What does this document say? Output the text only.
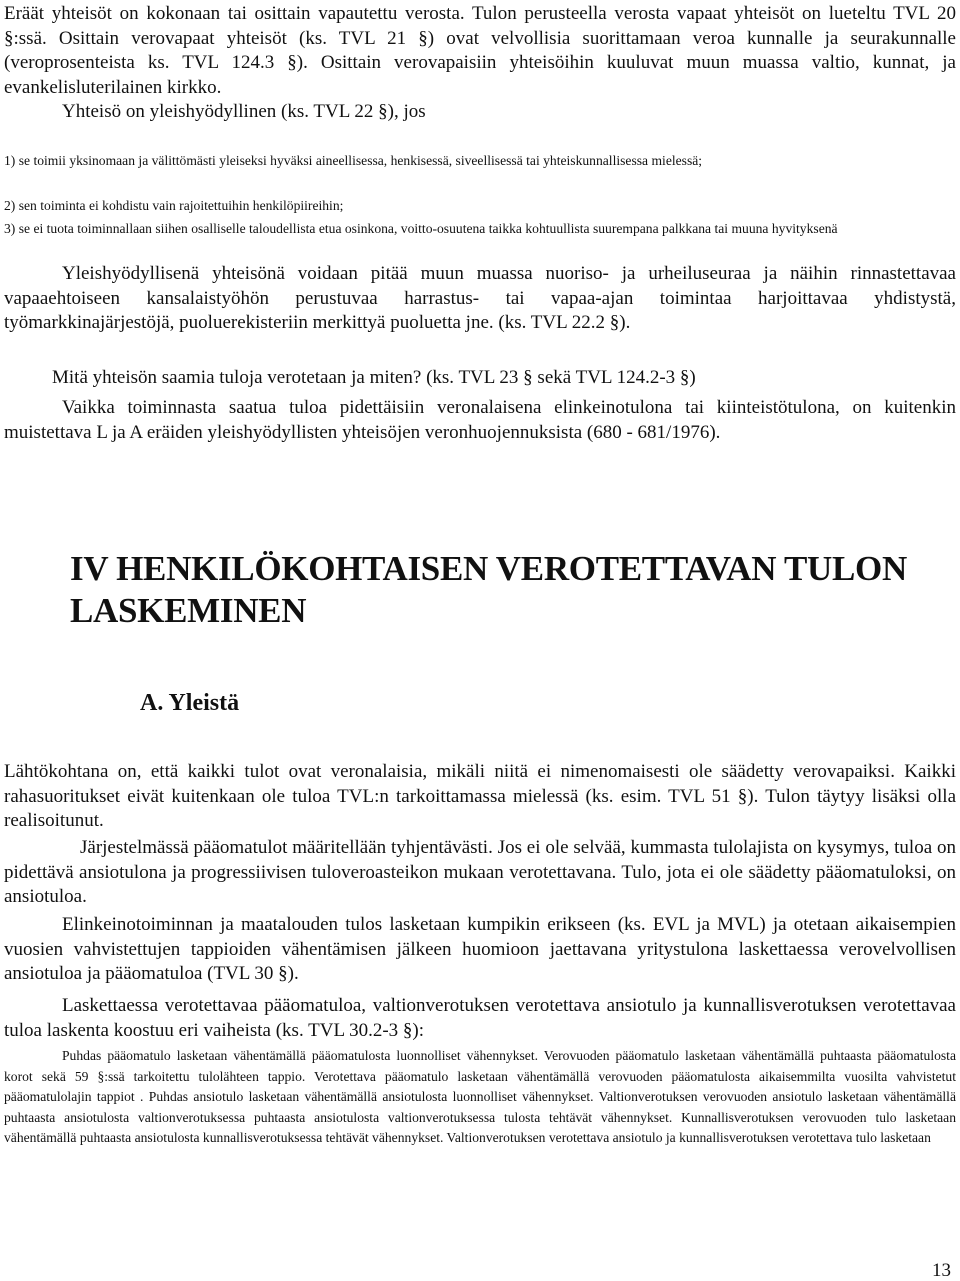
Eräät yhteisöt on kokonaan tai osittain vapautettu verosta. Tulon perusteella verosta vapaat yhteisöt on lueteltu TVL 20 §:ssä. Osittain verovapaat yhteisöt (ks. TVL 21 §) ovat velvollisia suorittamaan veroa kunnalle ja seurakunnalle (veroprosenteista ks. TVL 124.3 §). Osittain verovapaisiin yhteisöihin kuuluvat muun muassa valtio, kunnat, ja evankelisluterilainen kirkko.

Yhteisö on yleishyödyllinen (ks. TVL 22 §), jos

1) se toimii yksinomaan ja välittömästi yleiseksi hyväksi aineellisessa, henkisessä, siveellisessä tai yhteiskunnallisessa mielessä;

2) sen toiminta ei kohdistu vain rajoitettuihin henkilöpiireihin;

3) se ei tuota toiminnallaan siihen osalliselle taloudellista etua osinkona, voitto-osuutena taikka kohtuullista suurempana palkkana tai muuna hyvityksenä

Yleishyödyllisenä yhteisönä voidaan pitää muun muassa nuoriso- ja urheiluseuraa ja näihin rinnastettavaa vapaaehtoiseen kansalaistyöhön perustuvaa harrastus- tai vapaa-ajan toimintaa harjoittavaa yhdistystä, työmarkkinajärjestöjä, puoluerekisteriin merkittyä puoluetta jne. (ks. TVL 22.2 §).

Mitä yhteisön saamia tuloja verotetaan ja miten? (ks. TVL 23 § sekä TVL 124.2-3 §)

Vaikka toiminnasta saatua tuloa pidettäisiin veronalaisena elinkeinotulona tai kiinteistötulona, on kuitenkin muistettava L ja A eräiden yleishyödyllisten yhteisöjen veronhuojennuksista (680 - 681/1976).

IV HENKILÖKOHTAISEN VEROTETTAVAN TULON LASKEMINEN
A. Yleistä

Lähtökohtana on, että kaikki tulot ovat veronalaisia, mikäli niitä ei nimenomaisesti ole säädetty verovapaiksi. Kaikki rahasuoritukset eivät kuitenkaan ole tuloa TVL:n tarkoittamassa mielessä (ks. esim. TVL 51 §). Tulon täytyy lisäksi olla realisoitunut.

Järjestelmässä pääomatulot määritellään tyhjentävästi. Jos ei ole selvää, kummasta tulolajista on kysymys, tuloa on pidettävä ansiotulona ja progressiivisen tuloveroasteikon mukaan verotettavana. Tulo, jota ei ole säädetty pääomatuloksi, on ansiotuloa.

Elinkeinotoiminnan ja maatalouden tulos lasketaan kumpikin erikseen (ks. EVL ja MVL) ja otetaan aikaisempien vuosien vahvistettujen tappioiden vähentämisen jälkeen huomioon jaettavana yritystulona laskettaessa verovelvollisen ansiotuloa ja pääomatuloa (TVL 30 §).

Laskettaessa verotettavaa pääomatuloa, valtionverotuksen verotettava ansiotulo ja kunnallisverotuksen verotettavaa tuloa laskenta koostuu eri vaiheista (ks. TVL 30.2-3 §):

Puhdas pääomatulo lasketaan vähentämällä pääomatulosta luonnolliset vähennykset. Verovuoden pääomatulo lasketaan vähentämällä puhtaasta pääomatulosta korot sekä 59 §:ssä tarkoitettu tulolähteen tappio. Verotettava pääomatulo lasketaan vähentämällä verovuoden pääomatulosta aikaisemmilta vuosilta vahvistetut pääomatulolajin tappiot . Puhdas ansiotulo lasketaan vähentämällä ansiotulosta luonnolliset vähennykset. Valtionverotuksen verovuoden ansiotulo lasketaan vähentämällä puhtaasta ansiotulosta valtionverotuksessa puhtaasta ansiotulosta valtionverotuksessa tulosta tehtävät vähennykset. Kunnallisverotuksen verovuoden tulo lasketaan vähentämällä puhtaasta ansiotulosta kunnallisverotuksessa tehtävät vähennykset. Valtionverotuksen verotettava ansiotulo ja kunnallisverotuksen verotettava tulo lasketaan

13
